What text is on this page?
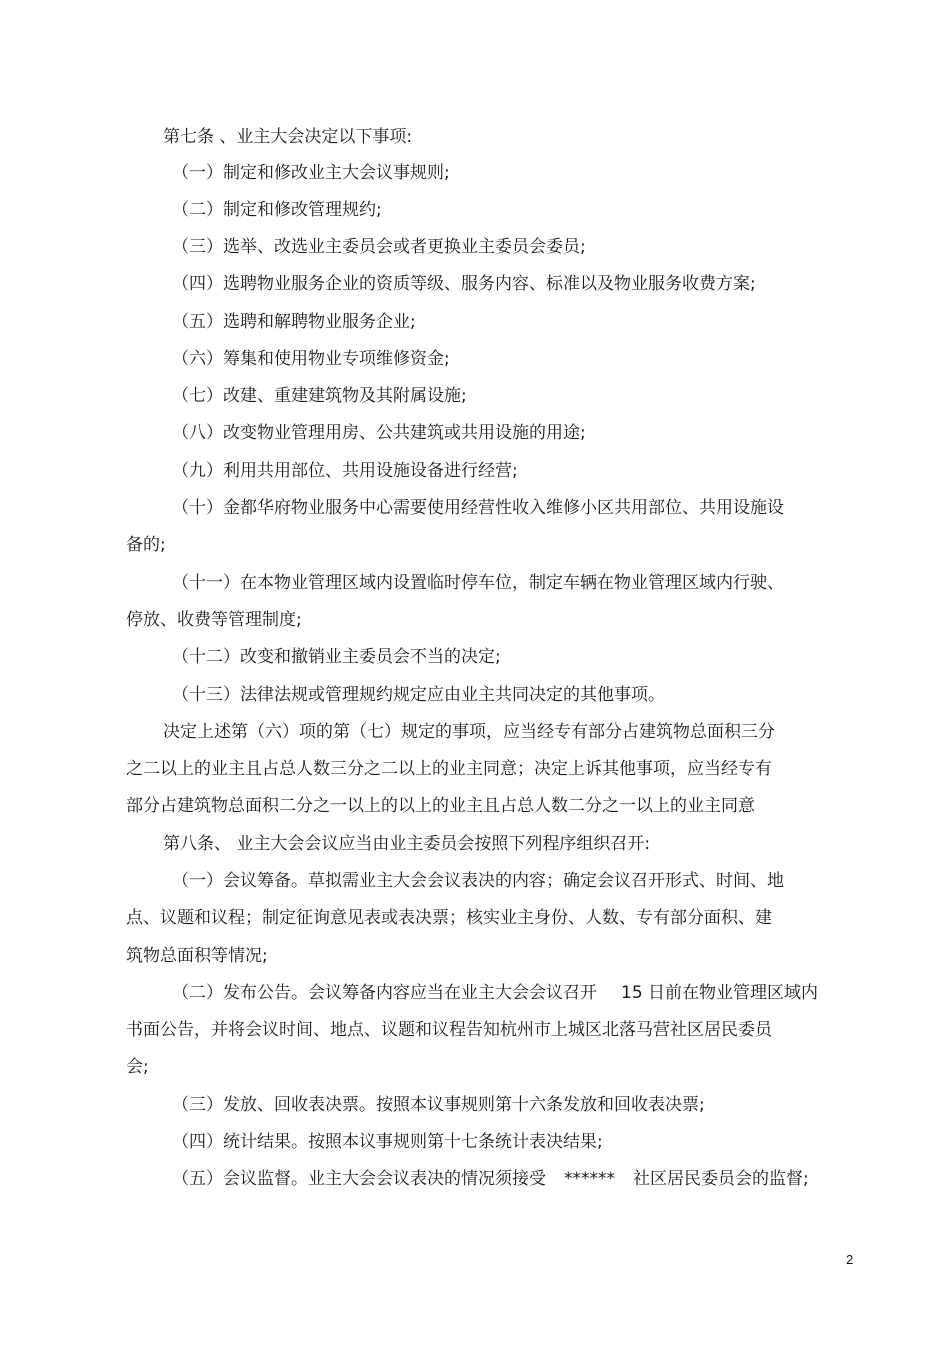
第七条 、业主大会决定以下事项:
（一）制定和修改业主大会议事规则;
（二）制定和修改管理规约;
（三）选举、改选业主委员会或者更换业主委员会委员;
（四）选聘物业服务企业的资质等级、服务内容、标准以及物业服务收费方案;
（五）选聘和解聘物业服务企业;
（六）筹集和使用物业专项维修资金;
（七）改建、重建建筑物及其附属设施;
（八）改变物业管理用房、公共建筑或共用设施的用途;
（九）利用共用部位、共用设施设备进行经营;
（十）金都华府物业服务中心需要使用经营性收入维修小区共用部位、共用设施设
备的;
（十一）在本物业管理区域内设置临时停车位，制定车辆在物业管理区域内行驶、
停放、收费等管理制度;
（十二）改变和撤销业主委员会不当的决定;
（十三）法律法规或管理规约规定应由业主共同决定的其他事项。
决定上述第（六）项的第（七）规定的事项，应当经专有部分占建筑物总面积三分
之二以上的业主且占总人数三分之二以上的业主同意；决定上诉其他事项，应当经专有
部分占建筑物总面积二分之一以上的以上的业主且占总人数二分之一以上的业主同意
第八条、 业主大会会议应当由业主委员会按照下列程序组织召开:
（一）会议筹备。草拟需业主大会会议表决的内容；确定会议召开形式、时间、地
点、议题和议程；制定征询意见表或表决票；核实业主身份、人数、专有部分面积、建
筑物总面积等情况;
（二）发布公告。会议筹备内容应当在业主大会会议召开 15 日前在物业管理区域内
书面公告，并将会议时间、地点、议题和议程告知杭州市上城区北落马营社区居民委员
会;
（三）发放、回收表决票。按照本议事规则第十六条发放和回收表决票;
（四）统计结果。按照本议事规则第十七条统计表决结果;
（五）会议监督。业主大会会议表决的情况须接受 ****** 社区居民委员会的监督;
2
